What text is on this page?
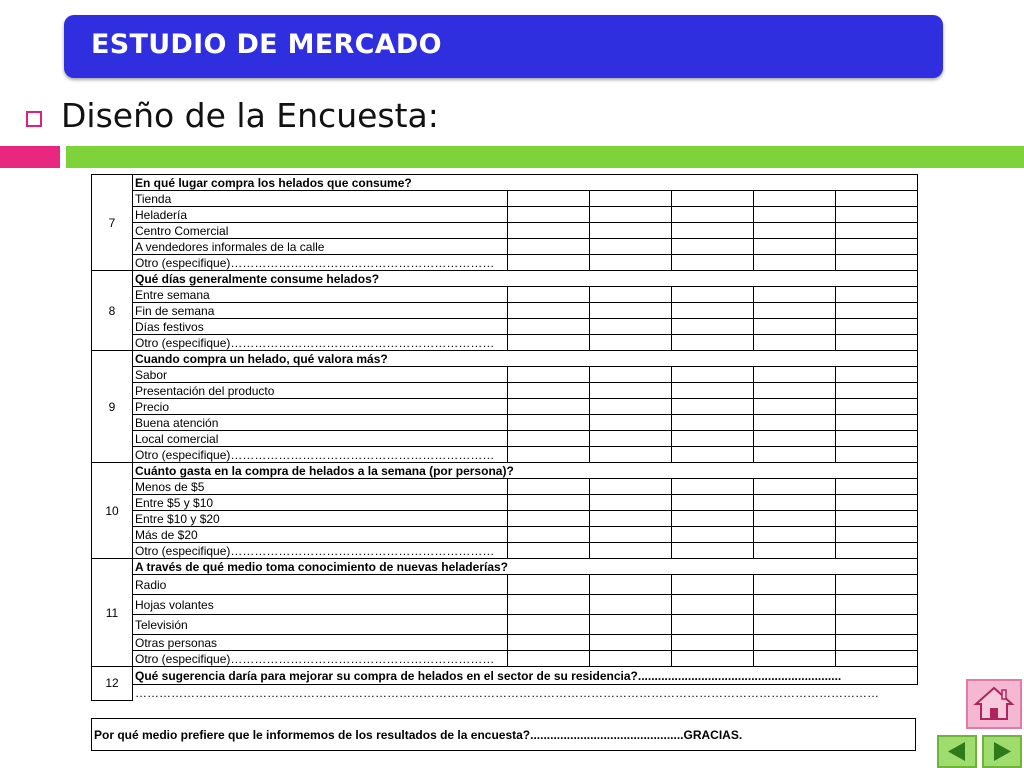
ESTUDIO DE MERCADO
Diseño de la Encuesta:
7	En qué lugar compra los helados que consume?					
	Tienda					
	Heladería					
	Centro Comercial					
	A vendedores informales de la calle					
	Otro (especifique)…………………………………………………………					
8	Qué días generalmente consume helados?					
	Entre semana					
	Fin de semana					
	Días festivos					
	Otro (especifique)…………………………………………………………					
9	Cuando compra un helado, qué valora más?					
	Sabor					
	Presentación del producto					
	Precio					
	Buena atención					
	Local comercial					
	Otro (especifique)…………………………………………………………					
10	Cuánto gasta en la compra de helados a la semana (por persona)?					
	Menos de $5					
	Entre $5 y $10					
	Entre $10 y $20					
	Más de $20					
	Otro (especifique)…………………………………………………………					
11	A través de qué medio toma conocimiento de nuevas heladerías?					
	Radio					
	Hojas volantes					
	Televisión					
	Otras personas					
	Otro (especifique)…………………………………………………………					
12	Qué sugerencia daría para mejorar su compra de helados en el sector de su residencia?.............................................................					
	……………………………………………………………………………………………………………………………………………………………………					
Por qué medio prefiere que le informemos de los resultados de la encuesta?..............................................GRACIAS.
